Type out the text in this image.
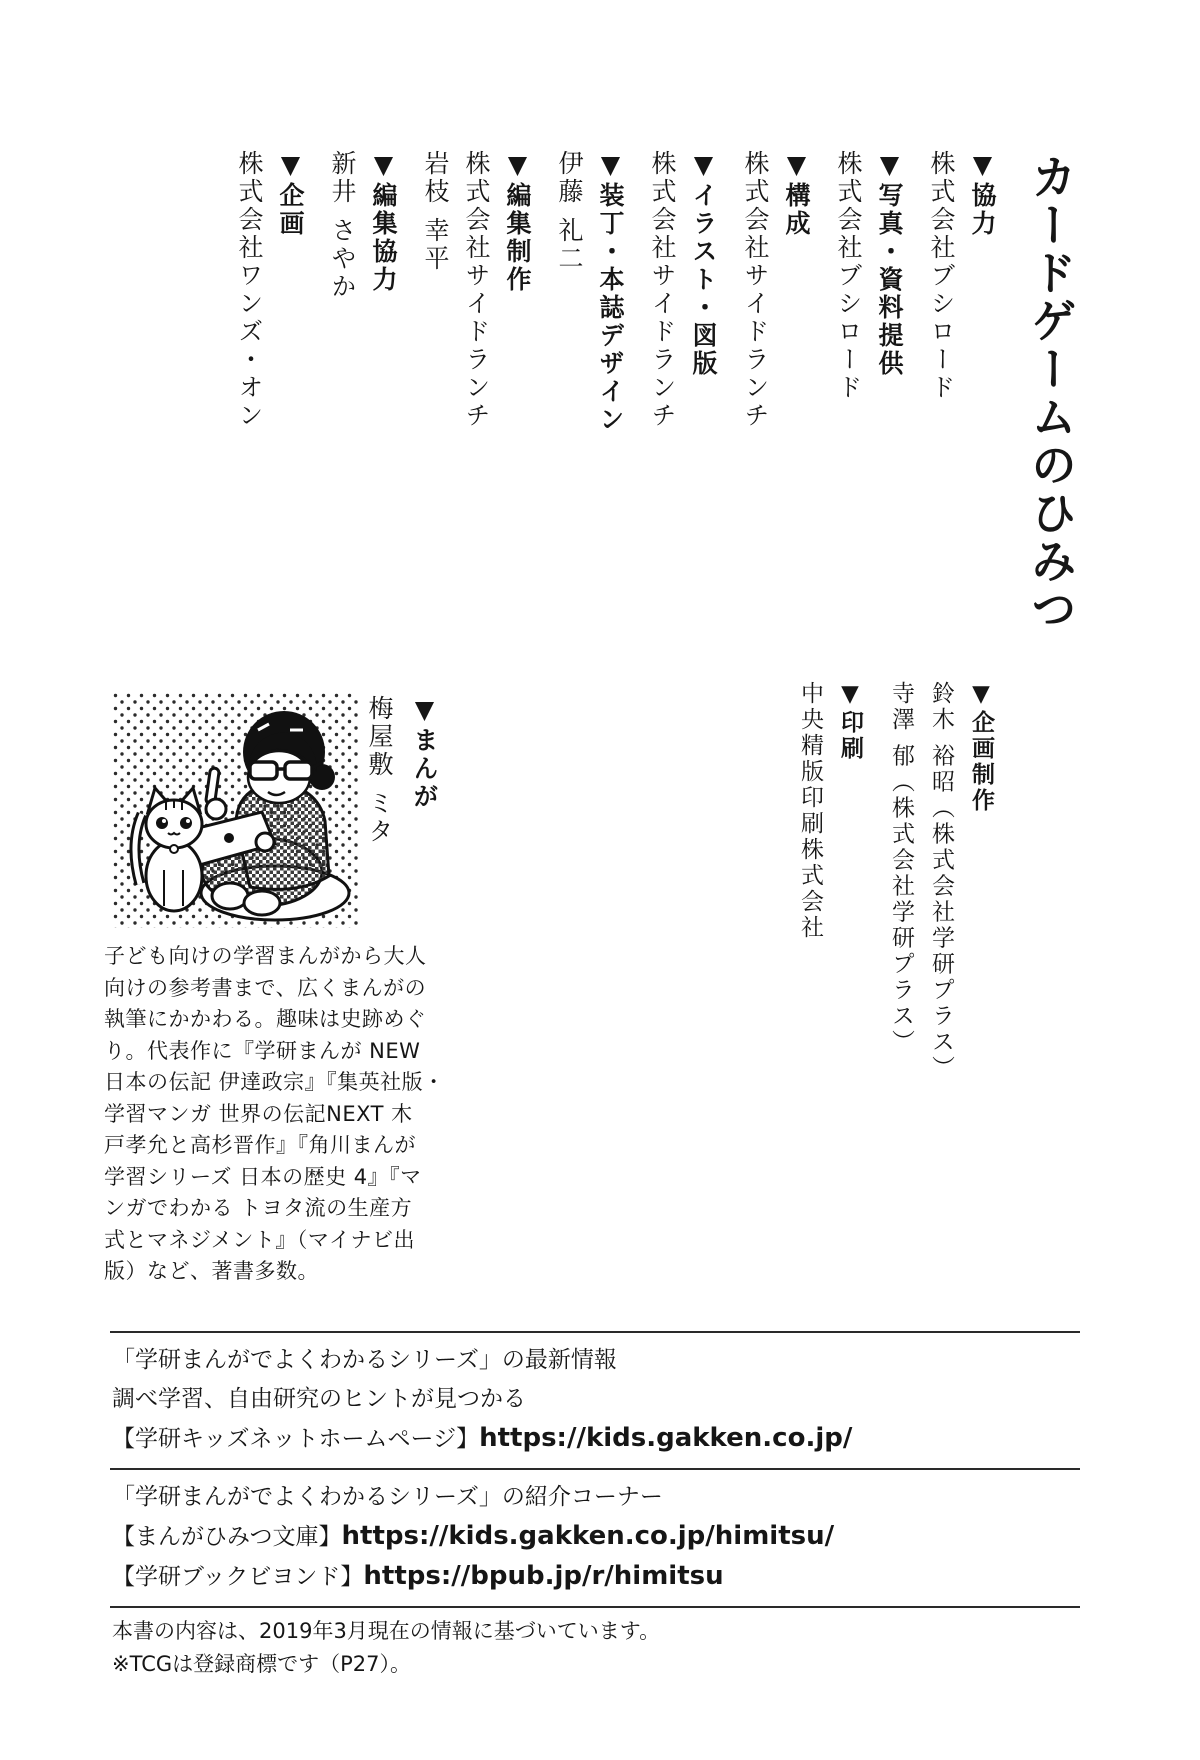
カードゲームのひみつ
▼協力
株式会社ブシロード
▼写真・資料提供
株式会社ブシロード
▼構成
株式会社サイドランチ
▼イラスト・図版
株式会社サイドランチ
▼装丁・本誌デザイン
伊藤 礼二
▼編集制作
株式会社サイドランチ
岩枝 幸平
▼編集協力
新井 さやか
▼企画
株式会社ワンズ・オン
▼企画制作
鈴木 裕昭（株式会社学研プラス）
寺澤 郁（株式会社学研プラス）
▼印刷
中央精版印刷株式会社
▼まんが
梅屋敷 ミタ
子ども向けの学習まんがから大人
向けの参考書まで、広くまんがの
執筆にかかわる。趣味は史跡めぐ
り。代表作に『学研まんが NEW
日本の伝記 伊達政宗』『集英社版・
学習マンガ 世界の伝記NEXT 木
戸孝允と高杉晋作』『角川まんが
学習シリーズ 日本の歴史 4』『マ
ンガでわかる トヨタ流の生産方
式とマネジメント』（マイナビ出
版）など、著書多数。
「学研まんがでよくわかるシリーズ」の最新情報
調べ学習、自由研究のヒントが見つかる
【学研キッズネットホームページ】https://kids.gakken.co.jp/
「学研まんがでよくわかるシリーズ」の紹介コーナー
【まんがひみつ文庫】https://kids.gakken.co.jp/himitsu/
【学研ブックビヨンド】https://bpub.jp/r/himitsu
本書の内容は、2019年3月現在の情報に基づいています。
※TCGは登録商標です（P27）。
